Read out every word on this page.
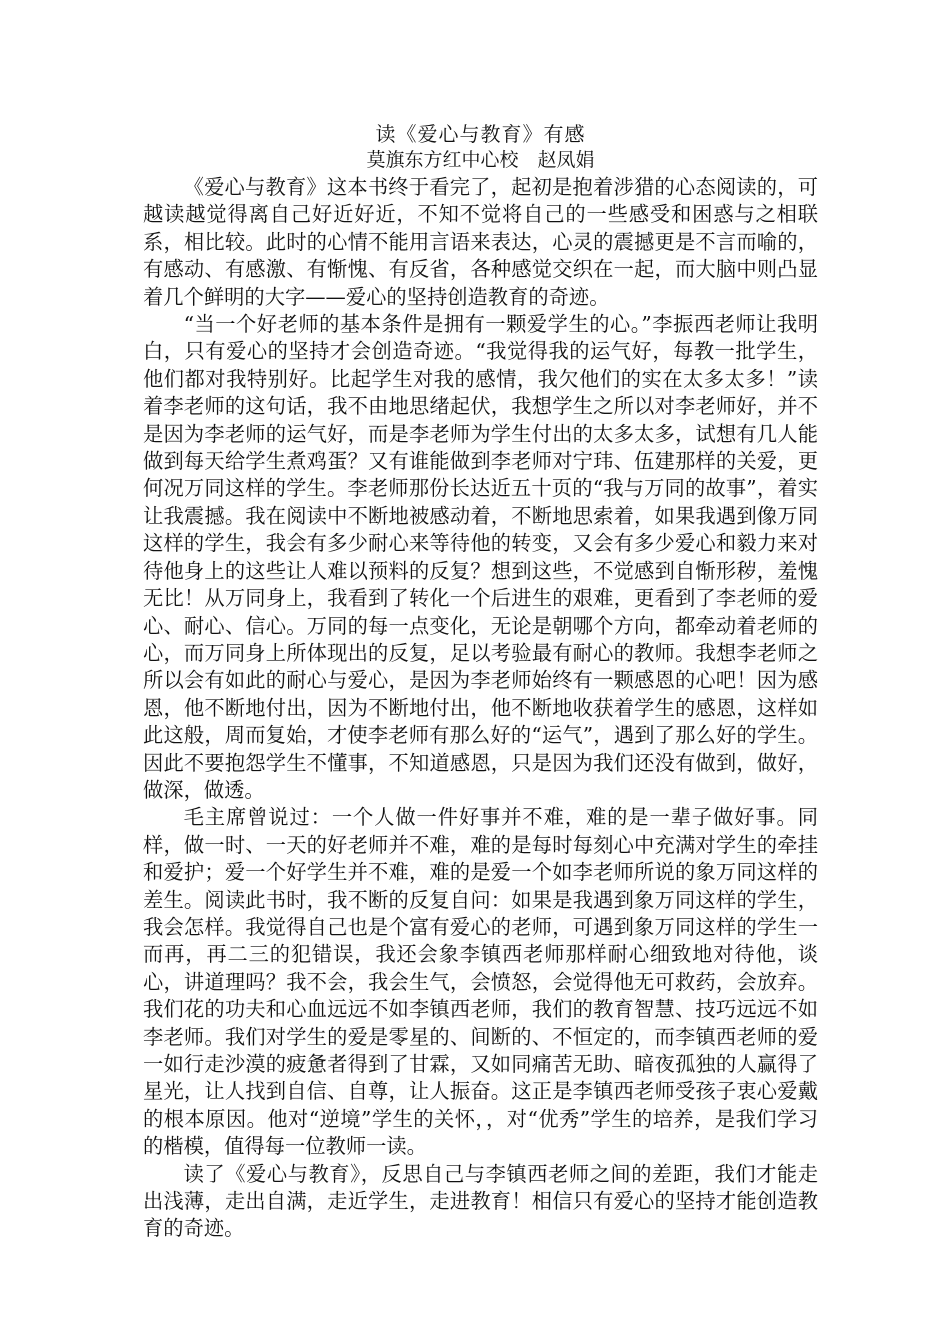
读《爱心与教育》有感
莫旗东方红中心校　赵凤娟

《爱心与教育》这本书终于看完了，起初是抱着涉猎的心态阅读的，可越读越觉得离自己好近好近，不知不觉将自己的一些感受和困惑与之相联系，相比较。此时的心情不能用言语来表达，心灵的震撼更是不言而喻的，有感动、有感激、有惭愧、有反省，各种感觉交织在一起，而大脑中则凸显着几个鲜明的大字——爱心的坚持创造教育的奇迹。

“当一个好老师的基本条件是拥有一颗爱学生的心。”李振西老师让我明白，只有爱心的坚持才会创造奇迹。“我觉得我的运气好，每教一批学生，他们都对我特别好。比起学生对我的感情，我欠他们的实在太多太多！”读着李老师的这句话，我不由地思绪起伏，我想学生之所以对李老师好，并不是因为李老师的运气好，而是李老师为学生付出的太多太多，试想有几人能做到每天给学生煮鸡蛋？又有谁能做到李老师对宁玮、伍建那样的关爱，更何况万同这样的学生。李老师那份长达近五十页的“我与万同的故事”，着实让我震撼。我在阅读中不断地被感动着，不断地思索着，如果我遇到像万同这样的学生，我会有多少耐心来等待他的转变，又会有多少爱心和毅力来对待他身上的这些让人难以预料的反复？想到这些，不觉感到自惭形秽，羞愧无比！从万同身上，我看到了转化一个后进生的艰难，更看到了李老师的爱心、耐心、信心。万同的每一点变化，无论是朝哪个方向，都牵动着老师的心，而万同身上所体现出的反复，足以考验最有耐心的教师。我想李老师之所以会有如此的耐心与爱心，是因为李老师始终有一颗感恩的心吧！因为感恩，他不断地付出，因为不断地付出，他不断地收获着学生的感恩，这样如此这般，周而复始，才使李老师有那么好的“运气”，遇到了那么好的学生。因此不要抱怨学生不懂事，不知道感恩，只是因为我们还没有做到，做好，做深，做透。

毛主席曾说过：一个人做一件好事并不难，难的是一辈子做好事。同样，做一时、一天的好老师并不难，难的是每时每刻心中充满对学生的牵挂和爱护；爱一个好学生并不难，难的是爱一个如李老师所说的象万同这样的差生。阅读此书时，我不断的反复自问：如果是我遇到象万同这样的学生，我会怎样。我觉得自己也是个富有爱心的老师，可遇到象万同这样的学生一而再，再二三的犯错误，我还会象李镇西老师那样耐心细致地对待他，谈心，讲道理吗？我不会，我会生气，会愤怒，会觉得他无可救药，会放弃。我们花的功夫和心血远远不如李镇西老师，我们的教育智慧、技巧远远不如李老师。我们对学生的爱是零星的、间断的、不恒定的，而李镇西老师的爱一如行走沙漠的疲惫者得到了甘霖，又如同痛苦无助、暗夜孤独的人赢得了星光，让人找到自信、自尊，让人振奋。这正是李镇西老师受孩子衷心爱戴的根本原因。他对“逆境”学生的关怀，，对“优秀”学生的培养，是我们学习的楷模，值得每一位教师一读。

读了《爱心与教育》，反思自己与李镇西老师之间的差距，我们才能走出浅薄，走出自满，走近学生，走进教育！相信只有爱心的坚持才能创造教育的奇迹。
